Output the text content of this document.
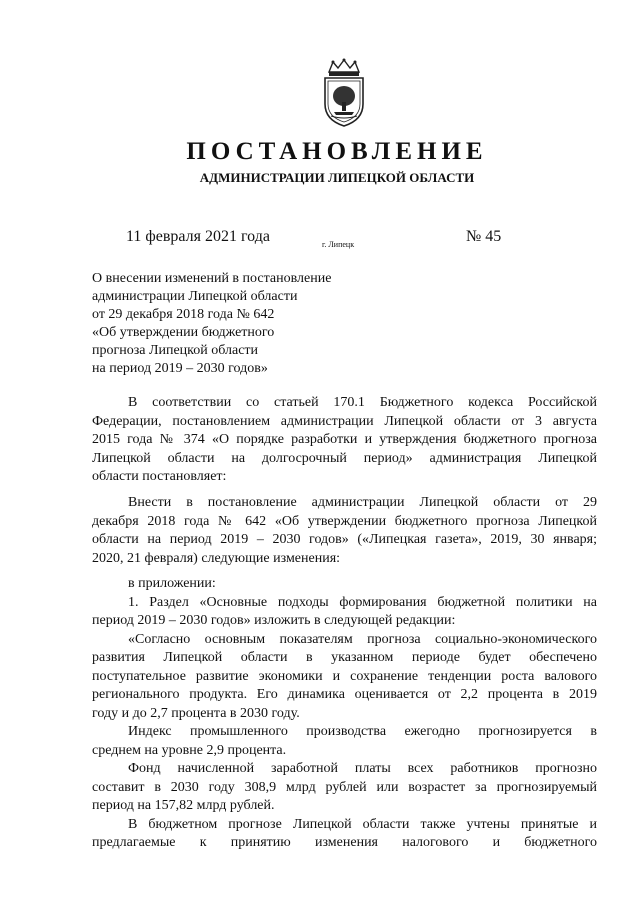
ПОСТАНОВЛЕНИЕ
АДМИНИСТРАЦИИ ЛИПЕЦКОЙ ОБЛАСТИ
11 февраля 2021 года	г. Липецк	№ 45
О внесении изменений в постановление
администрации Липецкой области
от 29 декабря 2018 года № 642
«Об утверждении бюджетного
прогноза Липецкой области
на период 2019 – 2030 годов»
В соответствии со статьей 170.1 Бюджетного кодекса Российской
Федерации, постановлением администрации Липецкой области от 3 августа
2015 года № 374 «О порядке разработки и утверждения бюджетного прогноза
Липецкой области на долгосрочный период» администрация Липецкой
области постановляет:
Внести в постановление администрации Липецкой области от 29
декабря 2018 года № 642 «Об утверждении бюджетного прогноза Липецкой
области на период 2019 – 2030 годов» («Липецкая газета», 2019, 30 января;
2020, 21 февраля) следующие изменения:
в приложении:
1. Раздел «Основные подходы формирования бюджетной политики на
период 2019 – 2030 годов» изложить в следующей редакции:
«Согласно основным показателям прогноза социально-экономического
развития Липецкой области в указанном периоде будет обеспечено
поступательное развитие экономики и сохранение тенденции роста валового
регионального продукта. Его динамика оценивается от 2,2 процента в 2019
году и до 2,7 процента в 2030 году.
Индекс промышленного производства ежегодно прогнозируется в
среднем на уровне 2,9 процента.
Фонд начисленной заработной платы всех работников прогнозно
составит в 2030 году 308,9 млрд рублей или возрастет за прогнозируемый
период на 157,82 млрд рублей.
В бюджетном прогнозе Липецкой области также учтены принятые и
предлагаемые к принятию изменения налогового и бюджетного
